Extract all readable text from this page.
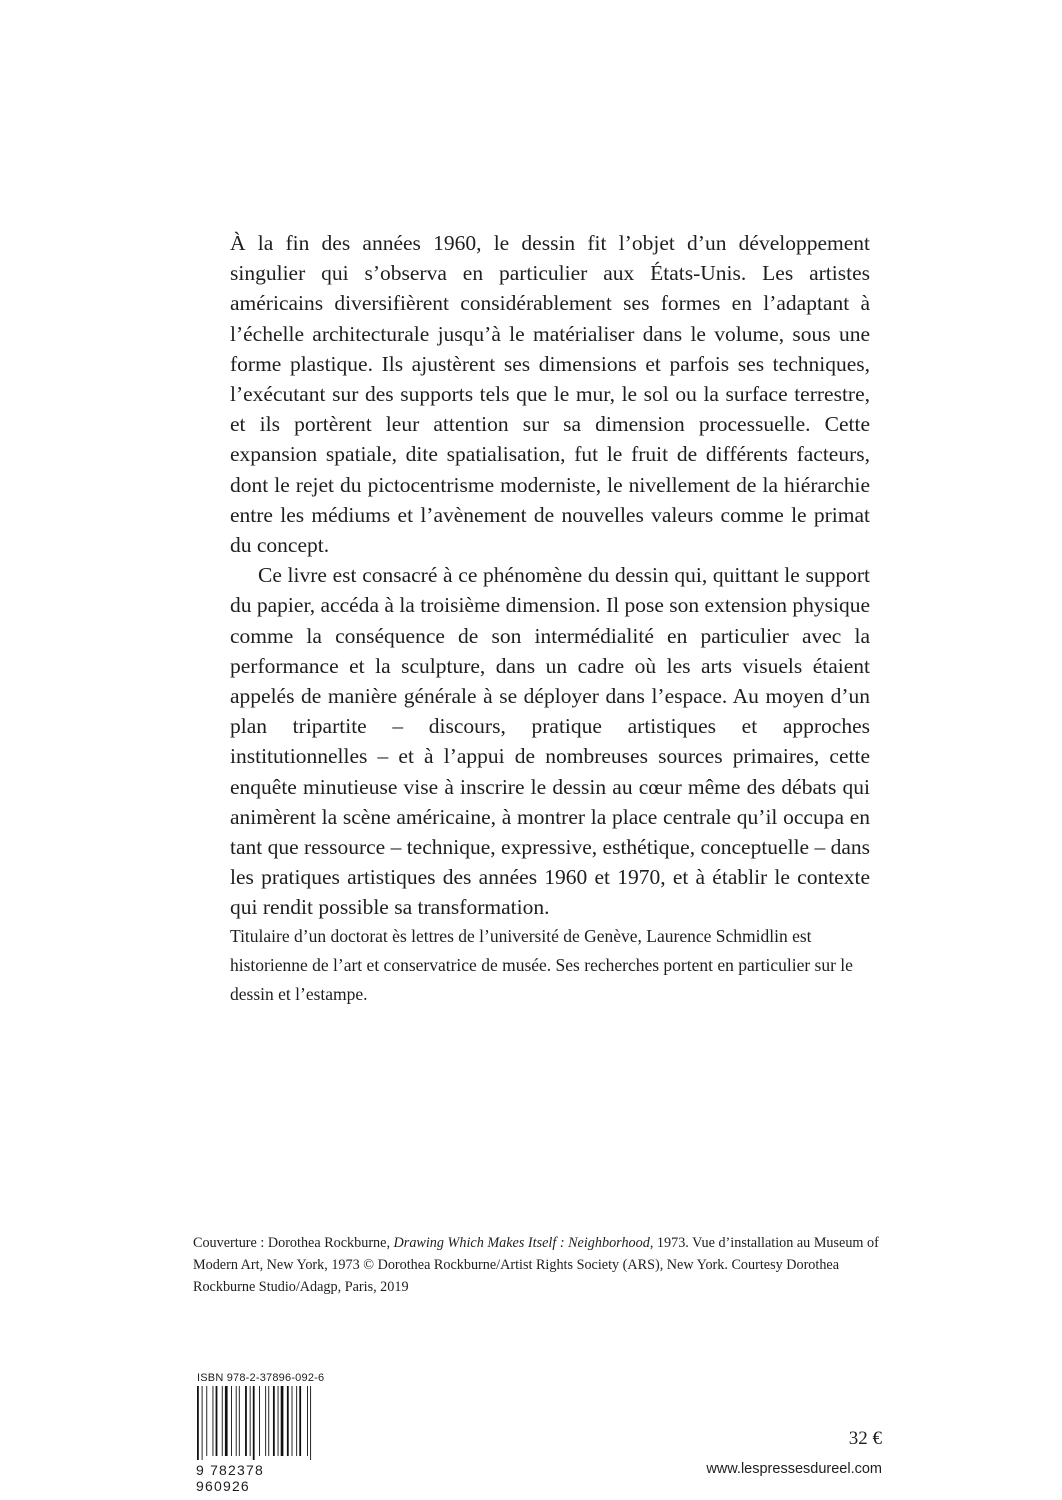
À la fin des années 1960, le dessin fit l’objet d’un développement singulier qui s’observa en particulier aux États-Unis. Les artistes américains diversifièrent considérablement ses formes en l’adaptant à l’échelle architecturale jusqu’à le matérialiser dans le volume, sous une forme plastique. Ils ajustèrent ses dimensions et parfois ses techniques, l’exécutant sur des supports tels que le mur, le sol ou la surface terrestre, et ils portèrent leur attention sur sa dimension processuelle. Cette expansion spatiale, dite spatialisation, fut le fruit de différents facteurs, dont le rejet du pictocentrisme moderniste, le nivellement de la hiérarchie entre les médiums et l’avènement de nouvelles valeurs comme le primat du concept.

Ce livre est consacré à ce phénomène du dessin qui, quittant le support du papier, accéda à la troisième dimension. Il pose son extension physique comme la conséquence de son intermédialité en particulier avec la performance et la sculpture, dans un cadre où les arts visuels étaient appelés de manière générale à se déployer dans l’espace. Au moyen d’un plan tripartite – discours, pratique artistiques et approches institutionnelles – et à l’appui de nombreuses sources primaires, cette enquête minutieuse vise à inscrire le dessin au cœur même des débats qui animèrent la scène américaine, à montrer la place centrale qu’il occupa en tant que ressource – technique, expressive, esthétique, conceptuelle – dans les pratiques artistiques des années 1960 et 1970, et à établir le contexte qui rendit possible sa transformation.

Titulaire d’un doctorat ès lettres de l’université de Genève, Laurence Schmidlin est historienne de l’art et conservatrice de musée. Ses recherches portent en particulier sur le dessin et l’estampe.

Couverture : Dorothea Rockburne, Drawing Which Makes Itself : Neighborhood, 1973. Vue d’installation au Museum of Modern Art, New York, 1973 © Dorothea Rockburne/Artist Rights Society (ARS), New York. Courtesy Dorothea Rockburne Studio/Adagp, Paris, 2019

ISBN 978-2-37896-092-6
9 782378 960926
32 €
www.lespressesdureel.com
